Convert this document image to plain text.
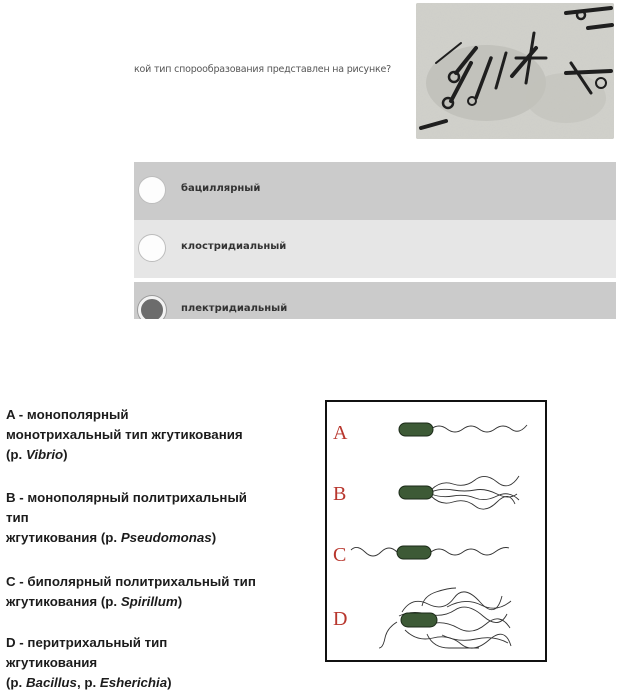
кой тип спорообразования представлен на рисунке?
бациллярный
клостридиальный
плектридиальный
A - монополярный
монотрихальный тип жгутикования
(р. Vibrio)
B - монополярный политрихальный
тип
жгутикования (р. Pseudomonas)
C - биполярный политрихальный тип
жгутикования (р. Spirillum)
D - перитрихальный тип
жгутикования
(р. Bacillus, р. Esherichia)
A
B
C
D
